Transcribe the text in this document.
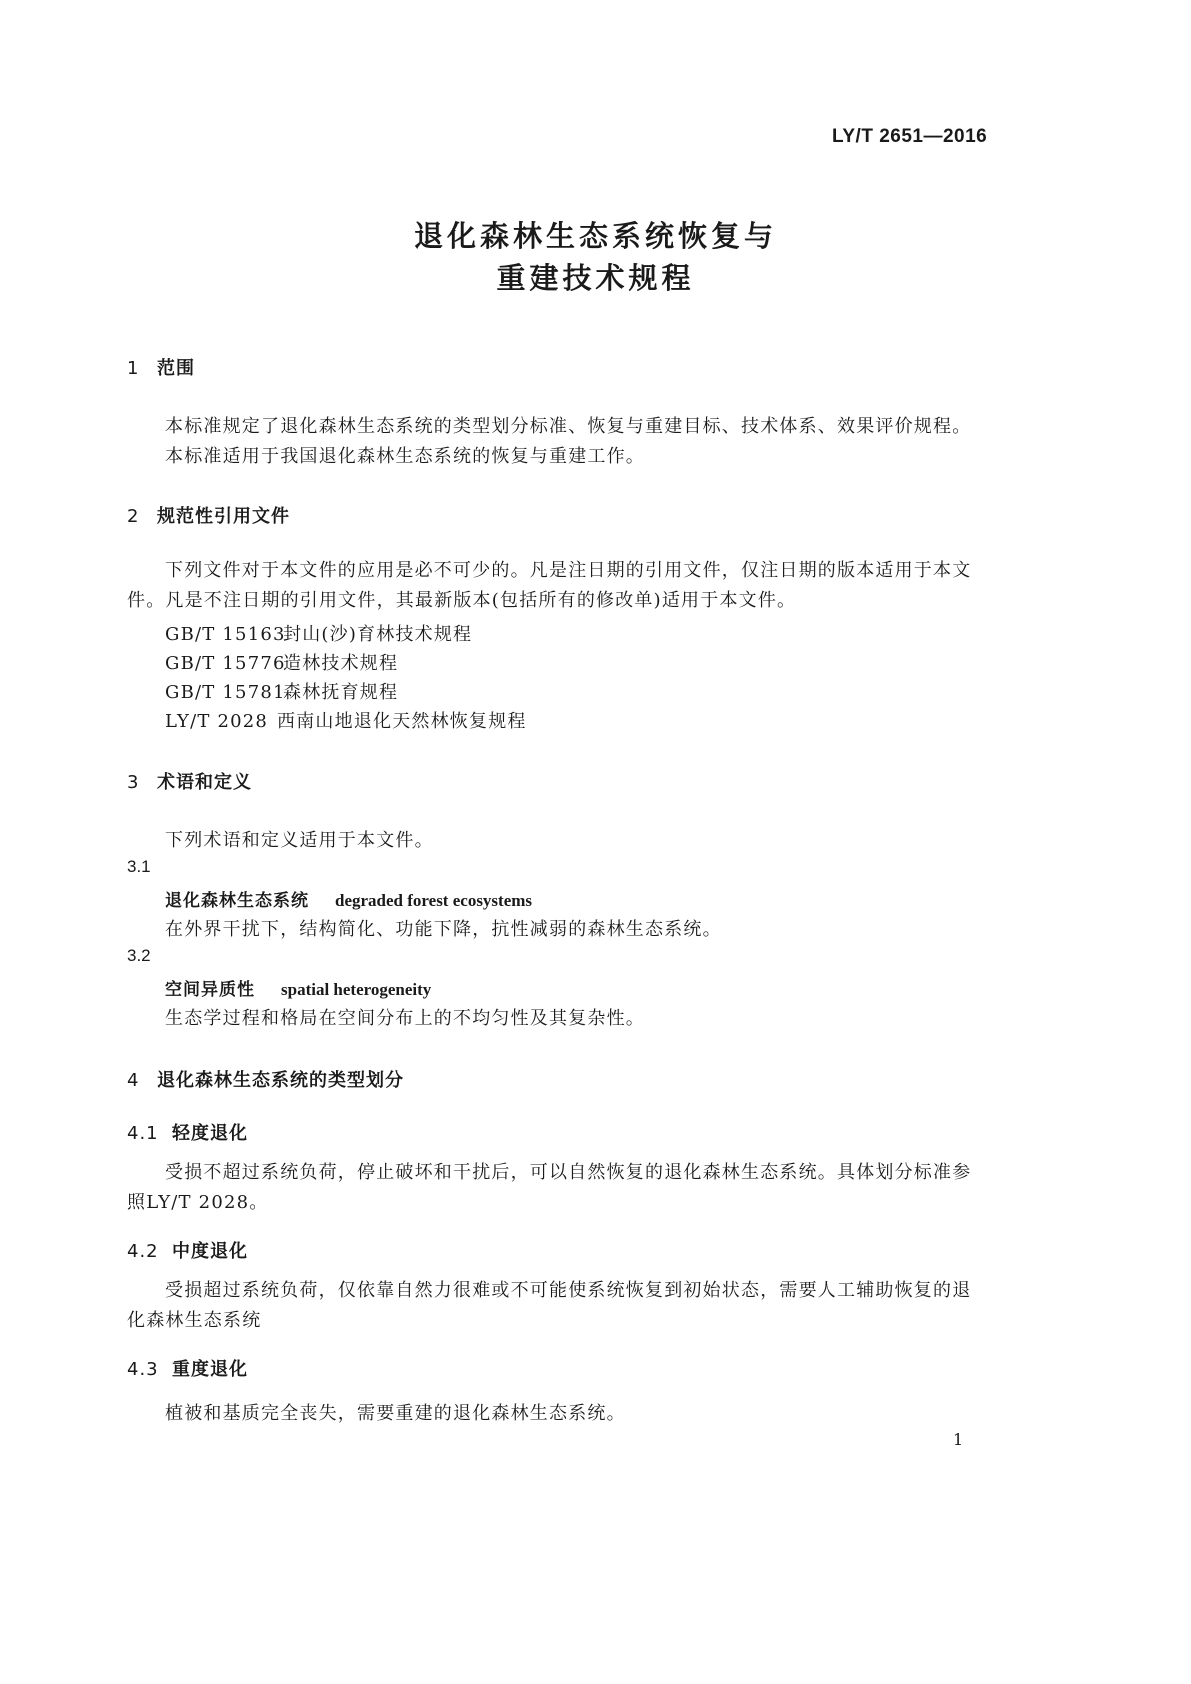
LY/T 2651—2016
退化森林生态系统恢复与
重建技术规程
1 范围
本标准规定了退化森林生态系统的类型划分标准、恢复与重建目标、技术体系、效果评价规程。
本标准适用于我国退化森林生态系统的恢复与重建工作。
2 规范性引用文件
下列文件对于本文件的应用是必不可少的。凡是注日期的引用文件，仅注日期的版本适用于本文件。凡是不注日期的引用文件，其最新版本(包括所有的修改单)适用于本文件。
GB/T 15163封山(沙)育林技术规程
GB/T 15776造林技术规程
GB/T 15781森林抚育规程
LY/T 2028 西南山地退化天然林恢复规程
3 术语和定义
下列术语和定义适用于本文件。
3.1
退化森林生态系统 degraded forest ecosystems
在外界干扰下，结构简化、功能下降，抗性减弱的森林生态系统。
3.2
空间异质性 spatial heterogeneity
生态学过程和格局在空间分布上的不均匀性及其复杂性。
4 退化森林生态系统的类型划分
4.1 轻度退化
受损不超过系统负荷，停止破坏和干扰后，可以自然恢复的退化森林生态系统。具体划分标准参照LY/T 2028。
4.2 中度退化
受损超过系统负荷，仅依靠自然力很难或不可能使系统恢复到初始状态，需要人工辅助恢复的退化森林生态系统
4.3 重度退化
植被和基质完全丧失，需要重建的退化森林生态系统。
1
